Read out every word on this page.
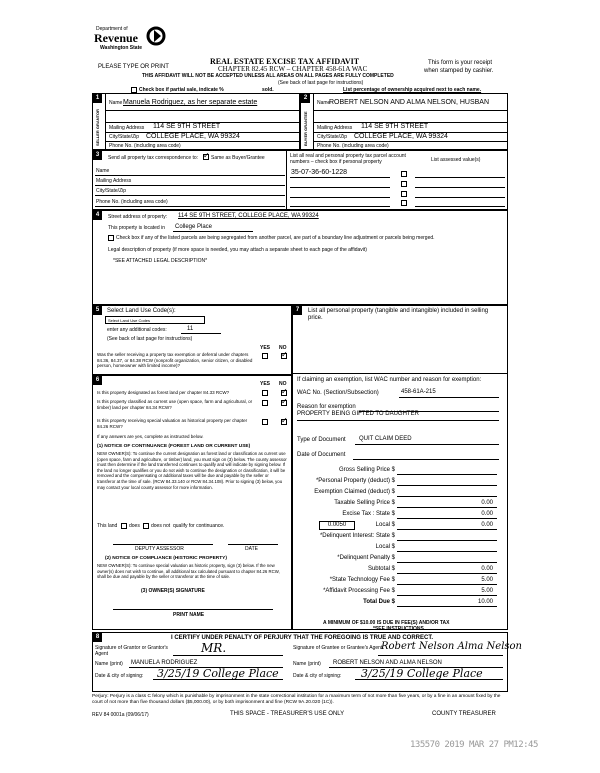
Department of
Revenue
Washington State
PLEASE TYPE OR PRINT
REAL ESTATE EXCISE TAX AFFIDAVIT
CHAPTER 82.45 RCW – CHAPTER 458-61A WAC
THIS AFFIDAVIT WILL NOT BE ACCEPTED UNLESS ALL AREAS ON ALL PAGES ARE FULLY COMPLETED
This form is your receipt
when stamped by cashier.
Check box if partial sale, indicate %	sold.
(See back of last page for instructions)
List percentage of ownership acquired next to each name.
1
SELLER GRANTOR
Name Manuela Rodriguez, as her separate estate
Mailing Address 114 SE 9TH STREET
City/State/Zip COLLEGE PLACE, WA 99324
Phone No. (including area code)
2
BUYER GRANTEE
Name
ROBERT NELSON AND ALMA NELSON, HUSBAN
Mailing Address 114 SE 9TH STREET
City/State/Zip COLLEGE PLACE, WA 99324
Phone No. (including area code)
3	Send all property tax correspondence to:
✓	Same as Buyer/Grantee
Name
Mailing Address
City/State/Zip
Phone No. (including area code)
List all real and personal property tax parcel account
numbers – check box if personal property	List assessed value(s)
35-07-36-60-1228
4	Street address of property: 114 SE 9TH STREET, COLLEGE PLACE, WA 99324
This property is located in College Place
Check box if any of the listed parcels are being segregated from another parcel, are part of a boundary line adjustment or parcels being merged.
Legal description of property (if more space is needed, you may attach a separate sheet to each page of the affidavit)
*SEE ATTACHED LEGAL DESCRIPTION*
5	Select Land Use Code(s):
Select Land Use Codes
enter any additional codes:	11
(See back of last page for instructions)
YES NO
Was the seller receiving a property tax exemption or deferral under chapters 84.36, 84.37, or 84.38 RCW (nonprofit organization, senior citizen, or disabled person, homeowner with limited income)?
✓
6
YES NO
Is this property designated as forest land per chapter 84.33 RCW?
✓
Is this property classified as current use (open space, farm and agricultural, or timber) land per chapter 84.34 RCW?
✓
Is this property receiving special valuation as historical property per chapter 84.26 RCW?
✓
If any answers are yes, complete as instructed below.
(1) NOTICE OF CONTINUANCE (FOREST LAND OR CURRENT USE)
NEW OWNER(S): To continue the current designation as forest land or classification as current use (open space, farm and agriculture, or timber) land, you must sign on (3) below. The county assessor must then determine if the land transferred continues to qualify and will indicate by signing below. If the land no longer qualifies or you do not wish to continue the designation or classification, it will be removed and the compensating or additional taxes will be due and payable by the seller or transferor at the time of sale. (RCW 84.33.140 or RCW 84.34.108). Prior to signing (3) below, you may contact your local county assessor for more information.
This land does does not qualify for continuance.
DEPUTY ASSESSOR	DATE
(2) NOTICE OF COMPLIANCE (HISTORIC PROPERTY)
NEW OWNER(S): To continue special valuation as historic property, sign (3) below. If the new owner(s) does not wish to continue, all additional tax calculated pursuant to chapter 84.26 RCW, shall be due and payable by the seller or transferor at the time of sale.
(3) OWNER(S) SIGNATURE
PRINT NAME
7	List all personal property (tangible and intangible) included in selling price.
If claiming an exemption, list WAC number and reason for exemption:
WAC No. (Section/Subsection)	458-61A-215
Reason for exemption
PROPERTY BEING GIFTED TO DAUGHTER
Type of Document QUIT CLAIM DEED
Date of Document
Gross Selling Price $
*Personal Property (deduct) $
Exemption Claimed (deduct) $
Taxable Selling Price $	0.00
Excise Tax : State $	0.00
0.0050	Local $	0.00
*Delinquent Interest: State $
Local $
*Delinquent Penalty $
Subtotal $	0.00
*State Technology Fee $	5.00
*Affidavit Processing Fee $	5.00
Total Due $	10.00
A MINIMUM OF $10.00 IS DUE IN FEE(S) AND/OR TAX
*SEE INSTRUCTIONS
8	I CERTIFY UNDER PENALTY OF PERJURY THAT THE FOREGOING IS TRUE AND CORRECT.
Signature of Grantor or Grantor's Agent	MR.
Name (print) MANUELA RODRIGUEZ
Date & city of signing: 3/25/19 College Place
Signature of Grantee or Grantee's Agent
Robert Nelson Alma Nelson
Name (print) ROBERT NELSON AND ALMA NELSON
Date & city of signing: 3/25/19 College Place
Perjury: Perjury is a class C felony which is punishable by imprisonment in the state correctional institution for a maximum term of not more than five years, or by a fine in an amount fixed by the court of not more than five thousand dollars ($5,000.00), or by both imprisonment and fine (RCW 9A.20.020 (1C)).
REV 84 0001a (09/06/17)	THIS SPACE - TREASURER'S USE ONLY	COUNTY TREASURER
135570 2019 MAR 27 PM12:45
